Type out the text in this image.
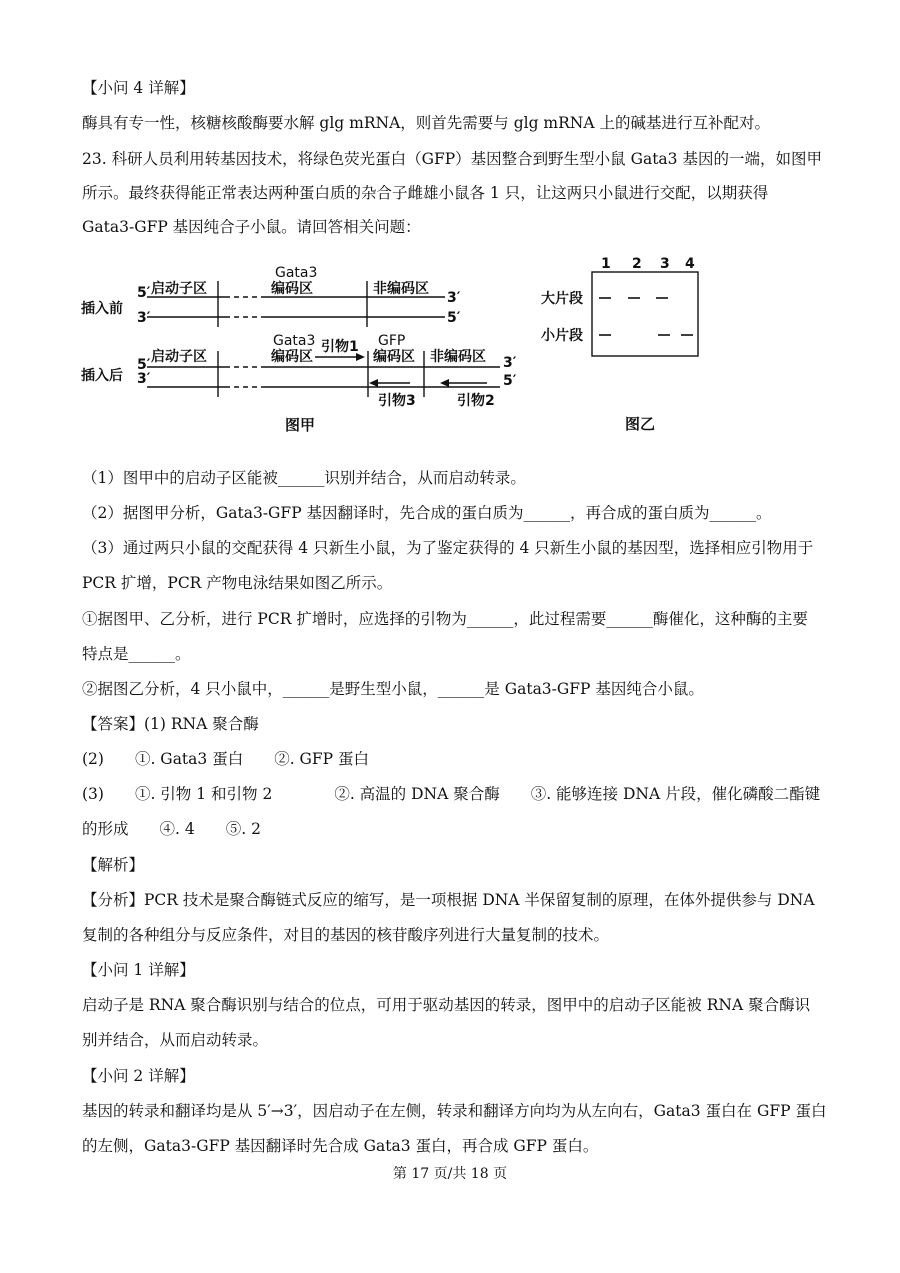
【小问 4 详解】
酶具有专一性，核糖核酸酶要水解 glg mRNA，则首先需要与 glg mRNA 上的碱基进行互补配对。
23. 科研人员利用转基因技术，将绿色荧光蛋白（GFP）基因整合到野生型小鼠 Gata3 基因的一端，如图甲
所示。最终获得能正常表达两种蛋白质的杂合子雌雄小鼠各 1 只，让这两只小鼠进行交配，以期获得
Gata3-GFP 基因纯合子小鼠。请回答相关问题：
5′
3′
3′
5′
5′
3′
3′
5′
插入前
插入后
启动子区
Gata3
编码区	非编码区
启动子区
Gata3
编码区
引物1 GFP
编码区 非编码区
引物3	引物2
图甲
1 2 3 4
大片段
小片段
图乙
（1）图甲中的启动子区能被______识别并结合，从而启动转录。
（2）据图甲分析，Gata3-GFP 基因翻译时，先合成的蛋白质为______，再合成的蛋白质为______。
（3）通过两只小鼠的交配获得 4 只新生小鼠，为了鉴定获得的 4 只新生小鼠的基因型，选择相应引物用于
PCR 扩增，PCR 产物电泳结果如图乙所示。
①据图甲、乙分析，进行 PCR 扩增时，应选择的引物为______，此过程需要______酶催化，这种酶的主要
特点是______。
②据图乙分析，4 只小鼠中，______是野生型小鼠，______是 Gata3-GFP 基因纯合小鼠。
【答案】(1) RNA 聚合酶
(2)　　①. Gata3 蛋白　　②. GFP 蛋白
(3)　　①. 引物 1 和引物 2　　　　②. 高温的 DNA 聚合酶　　③. 能够连接 DNA 片段，催化磷酸二酯键
的形成　　④. 4　　⑤. 2
【解析】
【分析】PCR 技术是聚合酶链式反应的缩写，是一项根据 DNA 半保留复制的原理，在体外提供参与 DNA
复制的各种组分与反应条件，对目的基因的核苷酸序列进行大量复制的技术。
【小问 1 详解】
启动子是 RNA 聚合酶识别与结合的位点，可用于驱动基因的转录，图甲中的启动子区能被 RNA 聚合酶识
别并结合，从而启动转录。
【小问 2 详解】
基因的转录和翻译均是从 5′→3′，因启动子在左侧，转录和翻译方向均为从左向右，Gata3 蛋白在 GFP 蛋白
的左侧，Gata3-GFP 基因翻译时先合成 Gata3 蛋白，再合成 GFP 蛋白。
第 17 页/共 18 页
